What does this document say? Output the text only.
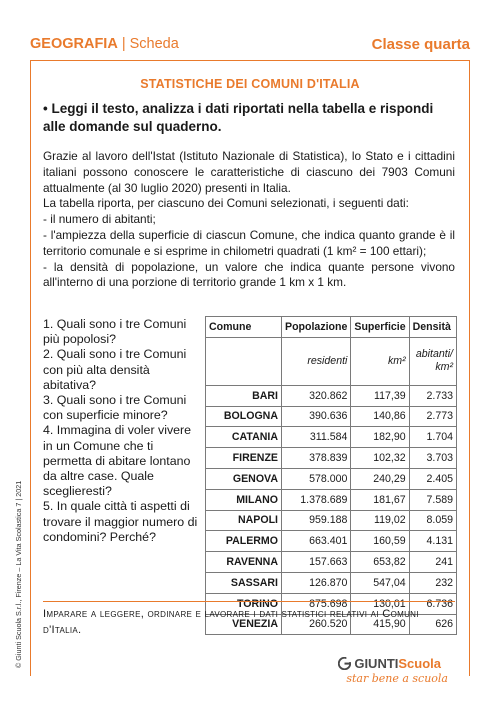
GEOGRAFIA | Scheda	Classe quarta
STATISTICHE DEI COMUNI D'ITALIA
• Leggi il testo, analizza i dati riportati nella tabella e rispondi alle domande sul quaderno.

Grazie al lavoro dell'Istat (Istituto Nazionale di Statistica), lo Stato e i cittadini italiani possono conoscere le caratteristiche di ciascuno dei 7903 Comuni attualmente (al 30 luglio 2020) presenti in Italia.

La tabella riporta, per ciascuno dei Comuni selezionati, i seguenti dati:

- il numero di abitanti;

- l'ampiezza della superficie di ciascun Comune, che indica quanto grande è il territorio comunale e si esprime in chilometri quadrati (1 km² = 100 ettari);

- la densità di popolazione, un valore che indica quante persone vivono all'interno di una porzione di territorio grande 1 km x 1 km.

1. Quali sono i tre Comuni più popolosi?

2. Quali sono i tre Comuni con più alta densità abitativa?

3. Quali sono i tre Comuni con superficie minore?

4. Immagina di voler vivere in un Comune che ti permetta di abitare lontano da altre case. Quale sceglieresti?

5. In quale città ti aspetti di trovare il maggior numero di condomini? Perché?

Comune	Popolazione	Superficie	Densità
	residenti	km²	abitanti/ km²
BARI	320.862	117,39	2.733
BOLOGNA	390.636	140,86	2.773
CATANIA	311.584	182,90	1.704
FIRENZE	378.839	102,32	3.703
GENOVA	578.000	240,29	2.405
MILANO	1.378.689	181,67	7.589
NAPOLI	959.188	119,02	8.059
PALERMO	663.401	160,59	4.131
RAVENNA	157.663	653,82	241
SASSARI	126.870	547,04	232
TORINO	875.698	130,01	6.736
VENEZIA	260.520	415,90	626
Imparare a leggere, ordinare e lavorare i dati statistici relativi ai Comuni d'Italia.
© Giunti Scuola S.r.l., Firenze – La Vita Scolastica 7 | 2021	GIUNTI Scuola
star bene a scuola
